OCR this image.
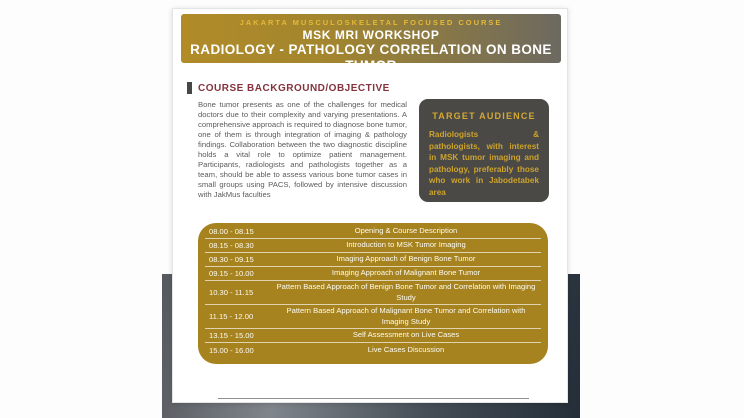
JAKARTA MUSCULOSKELETAL FOCUSED COURSE
MSK MRI WORKSHOP
RADIOLOGY - PATHOLOGY CORRELATION ON BONE TUMOR
COURSE BACKGROUND/OBJECTIVE
Bone tumor presents as one of the challenges for medical doctors due to their complexity and varying presentations. A comprehensive approach is required to diagnose bone tumor, one of them is through integration of imaging & pathology findings. Collaboration between the two diagnostic discipline holds a vital role to optimize patient management. Participants, radiologists and pathologists together as a team, should be able to assess various bone tumor cases in small groups using PACS, followed by intensive discussion with JakMus faculties
TARGET AUDIENCE
Radiologists & pathologists, with interest in MSK tumor imaging and pathology, preferably those who work in Jabodetabek area
08.00 - 08.15	Opening & Course Description
08.15 - 08.30	Introduction to MSK Tumor Imaging
08.30 - 09.15	Imaging Approach of Benign Bone Tumor
09.15 - 10.00	Imaging Approach of Malignant Bone Tumor
10.30 - 11.15
Pattern Based Approach of Benign Bone Tumor and Correlation with Imaging Study
11.15 - 12.00
Pattern Based Approach of Malignant Bone Tumor and Correlation with Imaging Study
13.15 - 15.00	Self Assessment on Live Cases
15.00 - 16.00	Live Cases Discussion
